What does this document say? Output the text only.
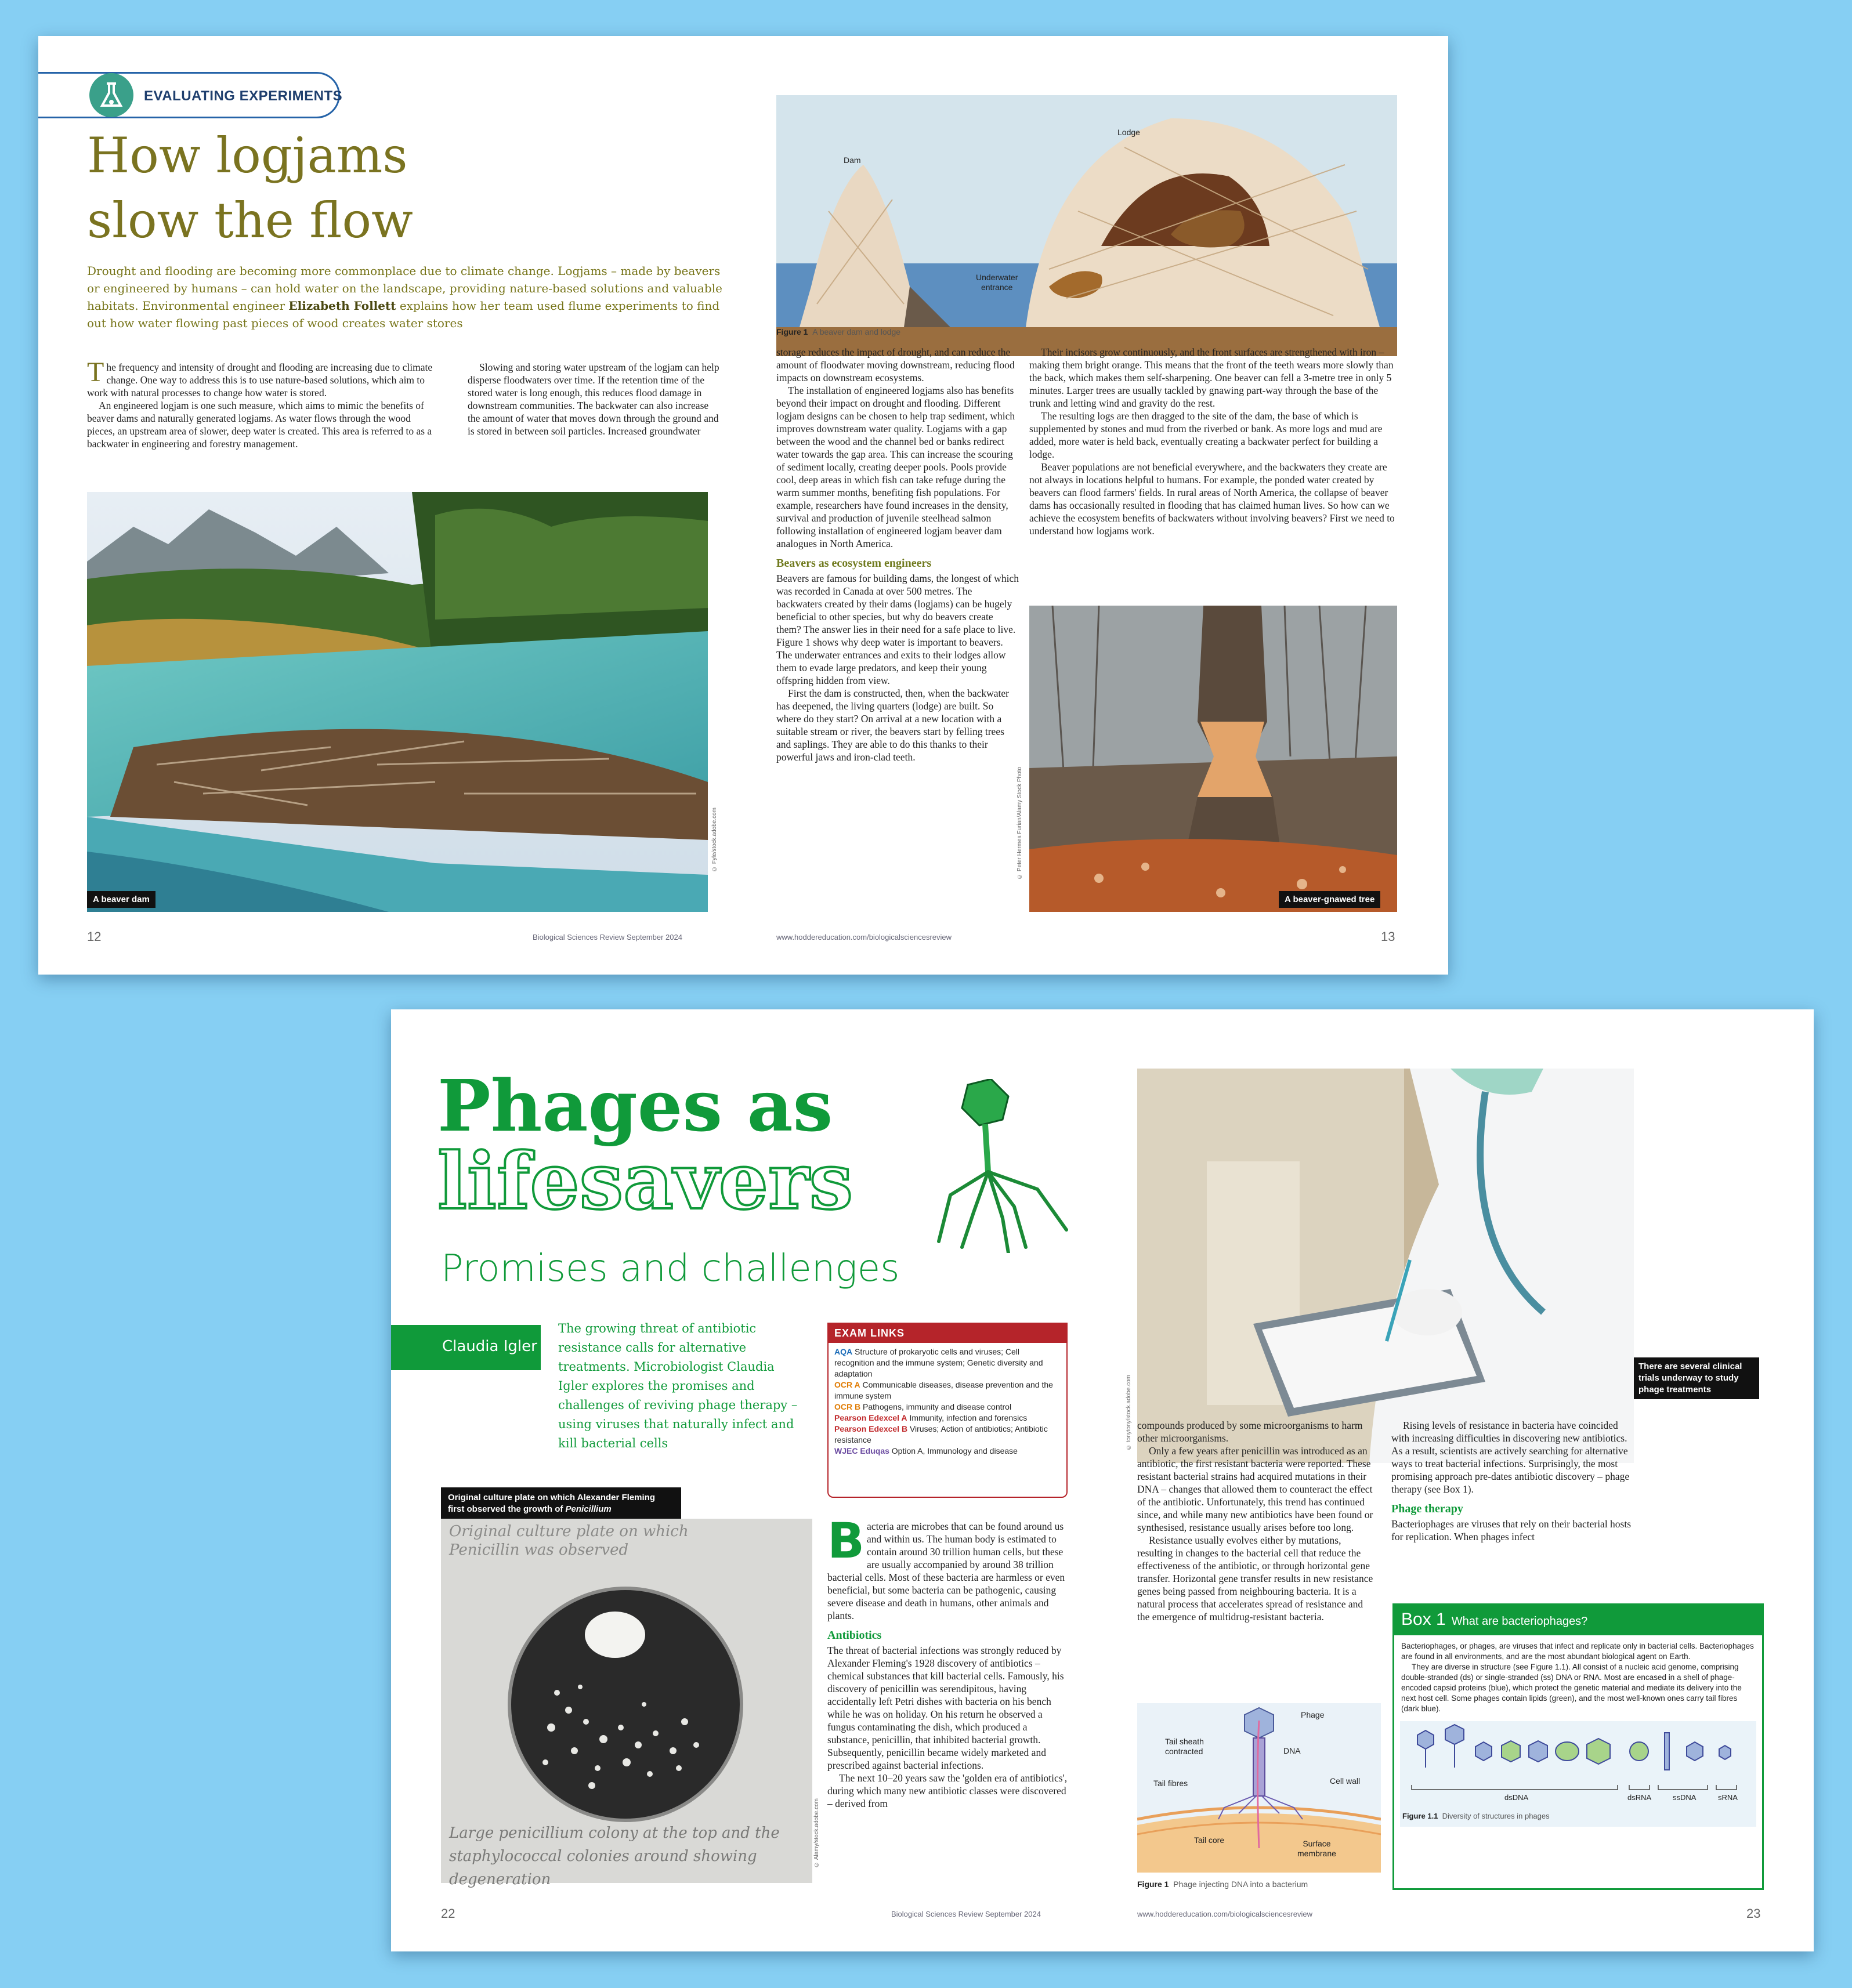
EVALUATING EXPERIMENTS
How logjams
slow the flow
Drought and flooding are becoming more commonplace due to climate change. Logjams – made by beavers or engineered by humans – can hold water on the landscape, providing nature-based solutions and valuable habitats. Environmental engineer Elizabeth Follett explains how her team used flume experiments to find out how water flowing past pieces of wood creates water stores

The frequency and intensity of drought and flooding are increasing due to climate change. One way to address this is to use nature-based solutions, which aim to work with natural processes to change how water is stored.

An engineered logjam is one such measure, which aims to mimic the benefits of beaver dams and naturally generated logjams. As water flows through the wood pieces, an upstream area of slower, deep water is created. This area is referred to as a backwater in engineering and forestry management.

Slowing and storing water upstream of the logjam can help disperse floodwaters over time. If the retention time of the stored water is long enough, this reduces flood damage in downstream communities. The backwater can also increase the amount of water that moves down through the ground and is stored in between soil particles. Increased groundwater

A beaver dam
© Fyle/stock.adobe.com
Dam
Lodge
Underwater
entrance
Figure 1 A beaver dam and lodge

storage reduces the impact of drought, and can reduce the amount of floodwater moving downstream, reducing flood impacts on downstream ecosystems.

The installation of engineered logjams also has benefits beyond their impact on drought and flooding. Different logjam designs can be chosen to help trap sediment, which improves downstream water quality. Logjams with a gap between the wood and the channel bed or banks redirect water towards the gap area. This can increase the scouring of sediment locally, creating deeper pools. Pools provide cool, deep areas in which fish can take refuge during the warm summer months, benefiting fish populations. For example, researchers have found increases in the density, survival and production of juvenile steelhead salmon following installation of engineered logjam beaver dam analogues in North America.

Beavers as ecosystem engineers

Beavers are famous for building dams, the longest of which was recorded in Canada at over 500 metres. The backwaters created by their dams (logjams) can be hugely beneficial to other species, but why do beavers create them? The answer lies in their need for a safe place to live. Figure 1 shows why deep water is important to beavers. The underwater entrances and exits to their lodges allow them to evade large predators, and keep their young offspring hidden from view.

First the dam is constructed, then, when the backwater has deepened, the living quarters (lodge) are built. So where do they start? On arrival at a new location with a suitable stream or river, the beavers start by felling trees and saplings. They are able to do this thanks to their powerful jaws and iron-clad teeth.

Their incisors grow continuously, and the front surfaces are strengthened with iron – making them bright orange. This means that the front of the teeth wears more slowly than the back, which makes them self-sharpening. One beaver can fell a 3-metre tree in only 5 minutes. Larger trees are usually tackled by gnawing part-way through the base of the trunk and letting wind and gravity do the rest.

The resulting logs are then dragged to the site of the dam, the base of which is supplemented by stones and mud from the riverbed or bank. As more logs and mud are added, more water is held back, eventually creating a backwater perfect for building a lodge.

Beaver populations are not beneficial everywhere, and the backwaters they create are not always in locations helpful to humans. For example, the ponded water created by beavers can flood farmers' fields. In rural areas of North America, the collapse of beaver dams has occasionally resulted in flooding that has claimed human lives. So how can we achieve the ecosystem benefits of backwaters without involving beavers? First we need to understand how logjams work.

A beaver-gnawed tree
© Peter Hermes Furian/Alamy Stock Photo
12	Biological Sciences Review September 2024	www.hoddereducation.com/biologicalsciencesreview	13
Phages as
lifesavers
Promises and challenges
Claudia Igler
The growing threat of antibiotic resistance calls for alternative treatments. Microbiologist Claudia Igler explores the promises and challenges of reviving phage therapy – using viruses that naturally infect and kill bacterial cells
EXAM LINKS
AQA Structure of prokaryotic cells and viruses; Cell recognition and the immune system; Genetic diversity and adaptation
OCR A Communicable diseases, disease prevention and the immune system
OCR B Pathogens, immunity and disease control
Pearson Edexcel A Immunity, infection and forensics
Pearson Edexcel B Viruses; Action of antibiotics; Antibiotic resistance
WJEC Eduqas Option A, Immunology and disease
Original culture plate on which Alexander Fleming
first observed the growth of Penicillium
Original culture plate on which Penicillin was observed
Large penicillium colony at the top and the staphylococcal colonies around showing degeneration
© Alamy/stock.adobe.com

Bacteria are microbes that can be found around us and within us. The human body is estimated to contain around 30 trillion human cells, but these are usually accompanied by around 38 trillion bacterial cells. Most of these bacteria are harmless or even beneficial, but some bacteria can be pathogenic, causing severe disease and death in humans, other animals and plants.

Antibiotics

The threat of bacterial infections was strongly reduced by Alexander Fleming's 1928 discovery of antibiotics – chemical substances that kill bacterial cells. Famously, his discovery of penicillin was serendipitous, having accidentally left Petri dishes with bacteria on his bench while he was on holiday. On his return he observed a fungus contaminating the dish, which produced a substance, penicillin, that inhibited bacterial growth. Subsequently, penicillin became widely marketed and prescribed against bacterial infections.

The next 10–20 years saw the 'golden era of antibiotics', during which many new antibiotic classes were discovered – derived from

There are several clinical trials underway to study phage treatments
© tonytony/stock.adobe.com compounds produced by some microorganisms to harm other microorganisms.

Only a few years after penicillin was introduced as an antibiotic, the first resistant bacteria were reported. These resistant bacterial strains had acquired mutations in their DNA – changes that allowed them to counteract the effect of the antibiotic. Unfortunately, this trend has continued since, and while many new antibiotics have been found or synthesised, resistance usually arises before too long.

Resistance usually evolves either by mutations, resulting in changes to the bacterial cell that reduce the effectiveness of the antibiotic, or through horizontal gene transfer. Horizontal gene transfer results in new resistance genes being passed from neighbouring bacteria. It is a natural process that accelerates spread of resistance and the emergence of multidrug-resistant bacteria.

Rising levels of resistance in bacteria have coincided with increasing difficulties in discovering new antibiotics. As a result, scientists are actively searching for alternative ways to treat bacterial infections. Surprisingly, the most promising approach pre-dates antibiotic discovery – phage therapy (see Box 1).

Phage therapy

Bacteriophages are viruses that rely on their bacterial hosts for replication. When phages infect

Phage
Tail sheath
contracted	DNA
Tail fibres	Cell wall
Tail core	Surface
membrane
Figure 1 Phage injecting DNA into a bacterium
Box 1 What are bacteriophages?

Bacteriophages, or phages, are viruses that infect and replicate only in bacterial cells. Bacteriophages are found in all environments, and are the most abundant biological agent on Earth.

They are diverse in structure (see Figure 1.1). All consist of a nucleic acid genome, comprising double-stranded (ds) or single-stranded (ss) DNA or RNA. Most are encased in a shell of phage-encoded capsid proteins (blue), which protect the genetic material and mediate its delivery into the next host cell. Some phages contain lipids (green), and the most well-known ones carry tail fibres (dark blue).

dsDNA	dsRNA	ssDNA	sRNA
Figure 1.1 Diversity of structures in phages
22	Biological Sciences Review September 2024	www.hoddereducation.com/biologicalsciencesreview	23
